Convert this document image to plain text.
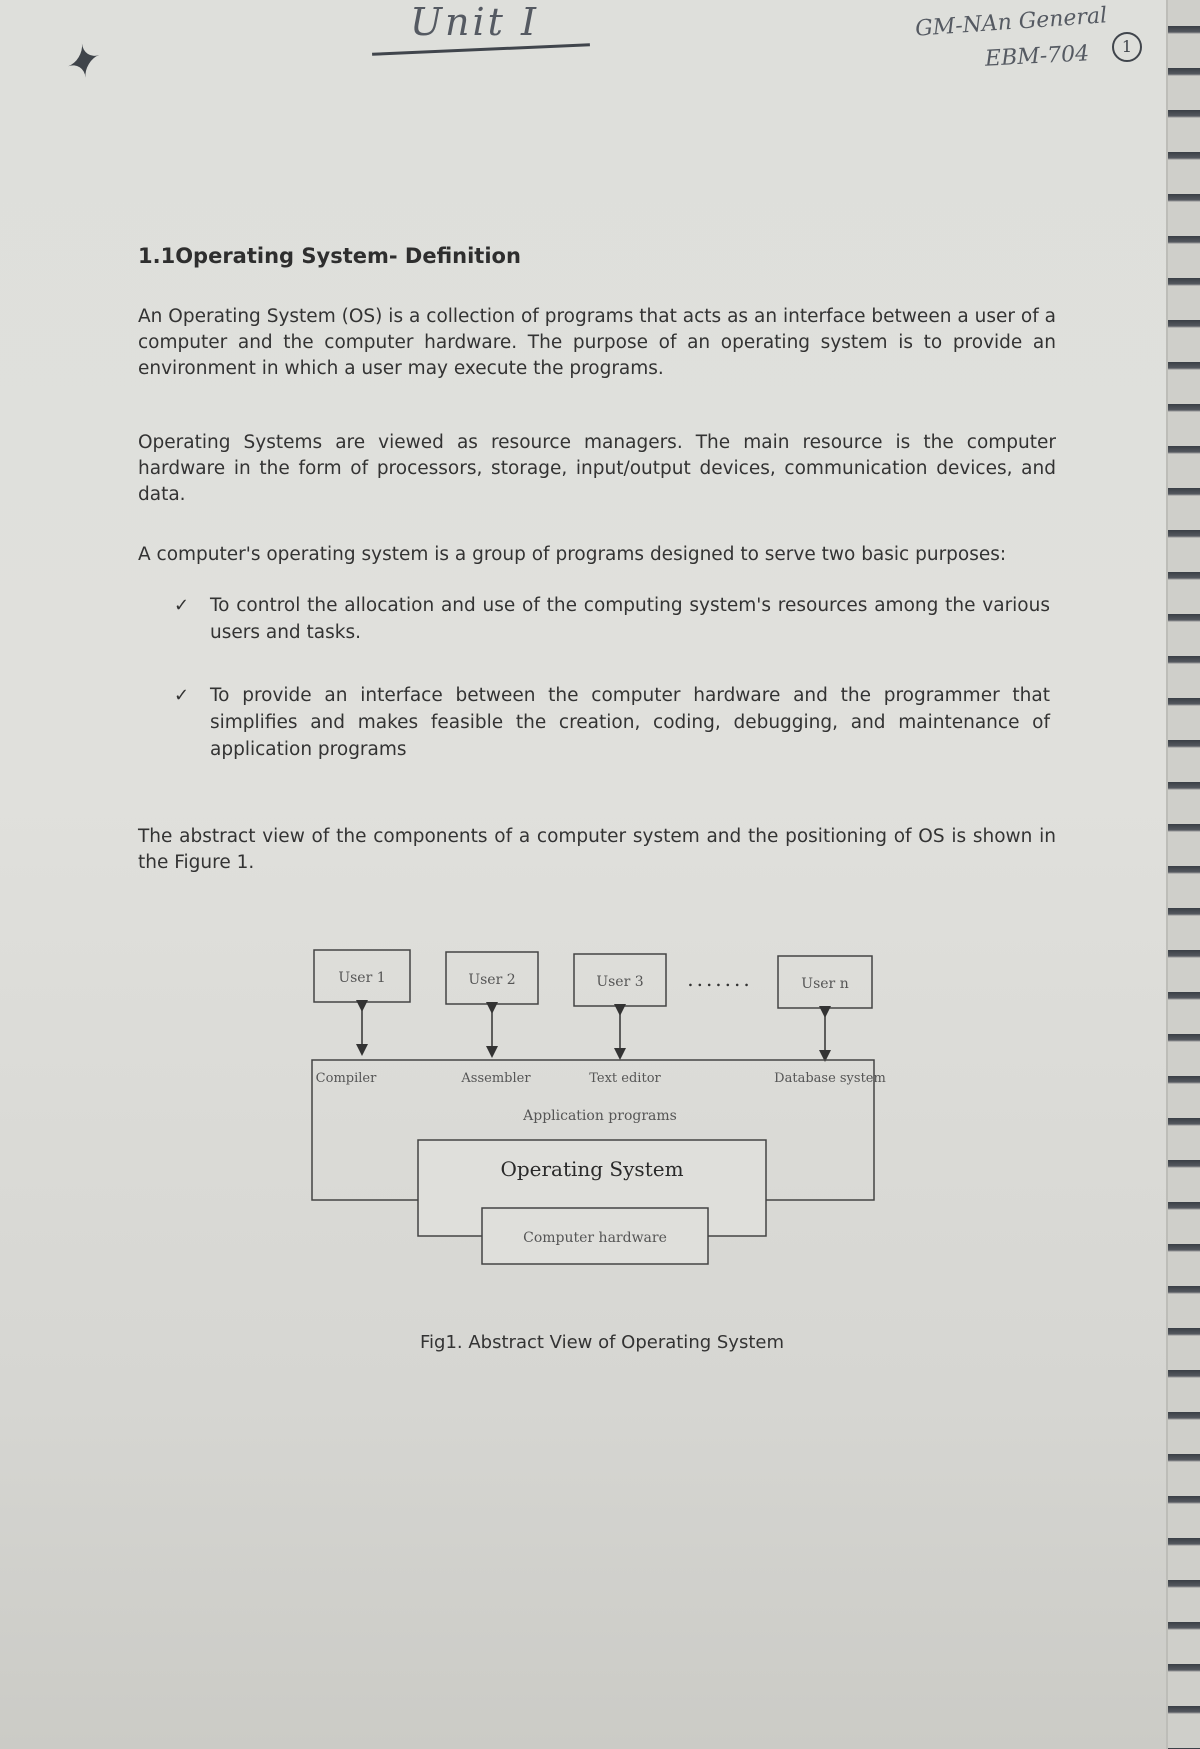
✦
Unit I	GM-NAn General
EBM-704	1
1.1Operating System- Definition
An Operating System (OS) is a collection of programs that acts as an interface between a user of a computer and the computer hardware. The purpose of an operating system is to provide an environment in which a user may execute the programs.
Operating Systems are viewed as resource managers. The main resource is the computer hardware in the form of processors, storage, input/output devices, communication devices, and data.
A computer's operating system is a group of programs designed to serve two basic purposes:
✓ To control the allocation and use of the computing system's resources among the various users and tasks.
✓ To provide an interface between the computer hardware and the programmer that simplifies and makes feasible the creation, coding, debugging, and maintenance of application programs
The abstract view of the components of a computer system and the positioning of OS is shown in the Figure 1.
User 1	User 2	User 3	User n
.......
Compiler	Assembler	Text editor	Database system
Application programs
Operating System
Computer hardware
Fig1. Abstract View of Operating System
